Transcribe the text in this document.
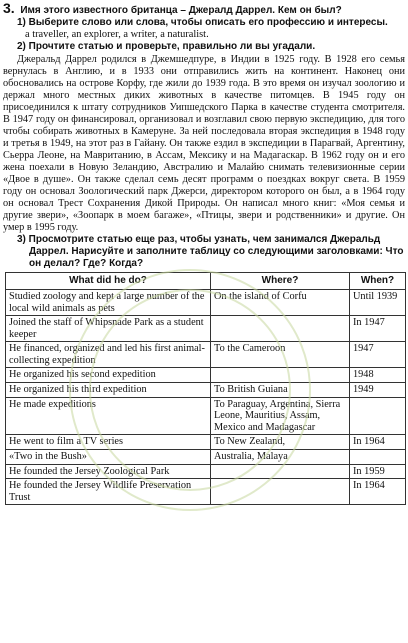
3. Имя этого известного британца – Джералд Даррел. Кем он был?
1) Выберите слово или слова, чтобы описать его профессию и интересы.
a traveller, an explorer, a writer, a naturalist.
2) Прочтите статью и проверьте, правильно ли вы угадали.

Джеральд Даррел родился в Джемшедпуре, в Индии в 1925 году. В 1928 его семья вернулась в Англию, и в 1933 они отправились жить на континент. Наконец они обосновались на острове Корфу, где жили до 1939 года. В это время он изучал зоологию и держал много местных диких животных в качестве питомцев. В 1945 году он присоединился к штату сотрудников Уипшедского Парка в качестве студента смотрителя. В 1947 году он финансировал, организовал и возглавил свою первую экспедицию, для того чтобы собирать животных в Камеруне. За ней последовала вторая экспедиция в 1948 году и третья в 1949, на этот раз в Гайану. Он также ездил в экспедиции в Парагвай, Аргентину, Сьерра Леоне, на Мавританию, в Ассам, Мексику и на Мадагаскар. В 1962 году он и его жена поехали в Новую Зеландию, Австралию и Малайю снимать телевизионные серии «Двое в душе». Он также сделал семь десят программ о поездках вокруг света. В 1959 году он основал Зоологический парк Джерси, директором которого он был, а в 1964 году он основал Трест Сохранения Дикой Природы. Он написал много книг: «Моя семья и другие звери», «Зоопарк в моем багаже», «Птицы, звери и родственники» и другие. Он умер в 1995 году.

3) Просмотрите статью еще раз, чтобы узнать, чем занимался Джеральд Даррел. Нарисуйте и заполните таблицу со следующими заголовками: Что он делал? Где? Когда?
What did he do?	Where?	When?
Studied zoology and kept a large number of the local wild animals as pets	On the island of Corfu	Until 1939
Joined the staff of Whipsnade Park as a student keeper		In 1947
He financed, organized and led his first animal-collecting expedition	To the Cameroon	1947
He organized his second expedition		1948
He organized his third expedition	To British Guiana	1949
He made expeditions	To Paraguay, Argentina, Sierra Leone, Mauritius, Assam, Mexico and Madagascar	
He went to film a TV series	To New Zealand,	In 1964
«Two in the Bush»	Australia, Malaya	
He founded the Jersey Zoological Park		In 1959
He founded the Jersey Wildlife Preservation Trust		In 1964
